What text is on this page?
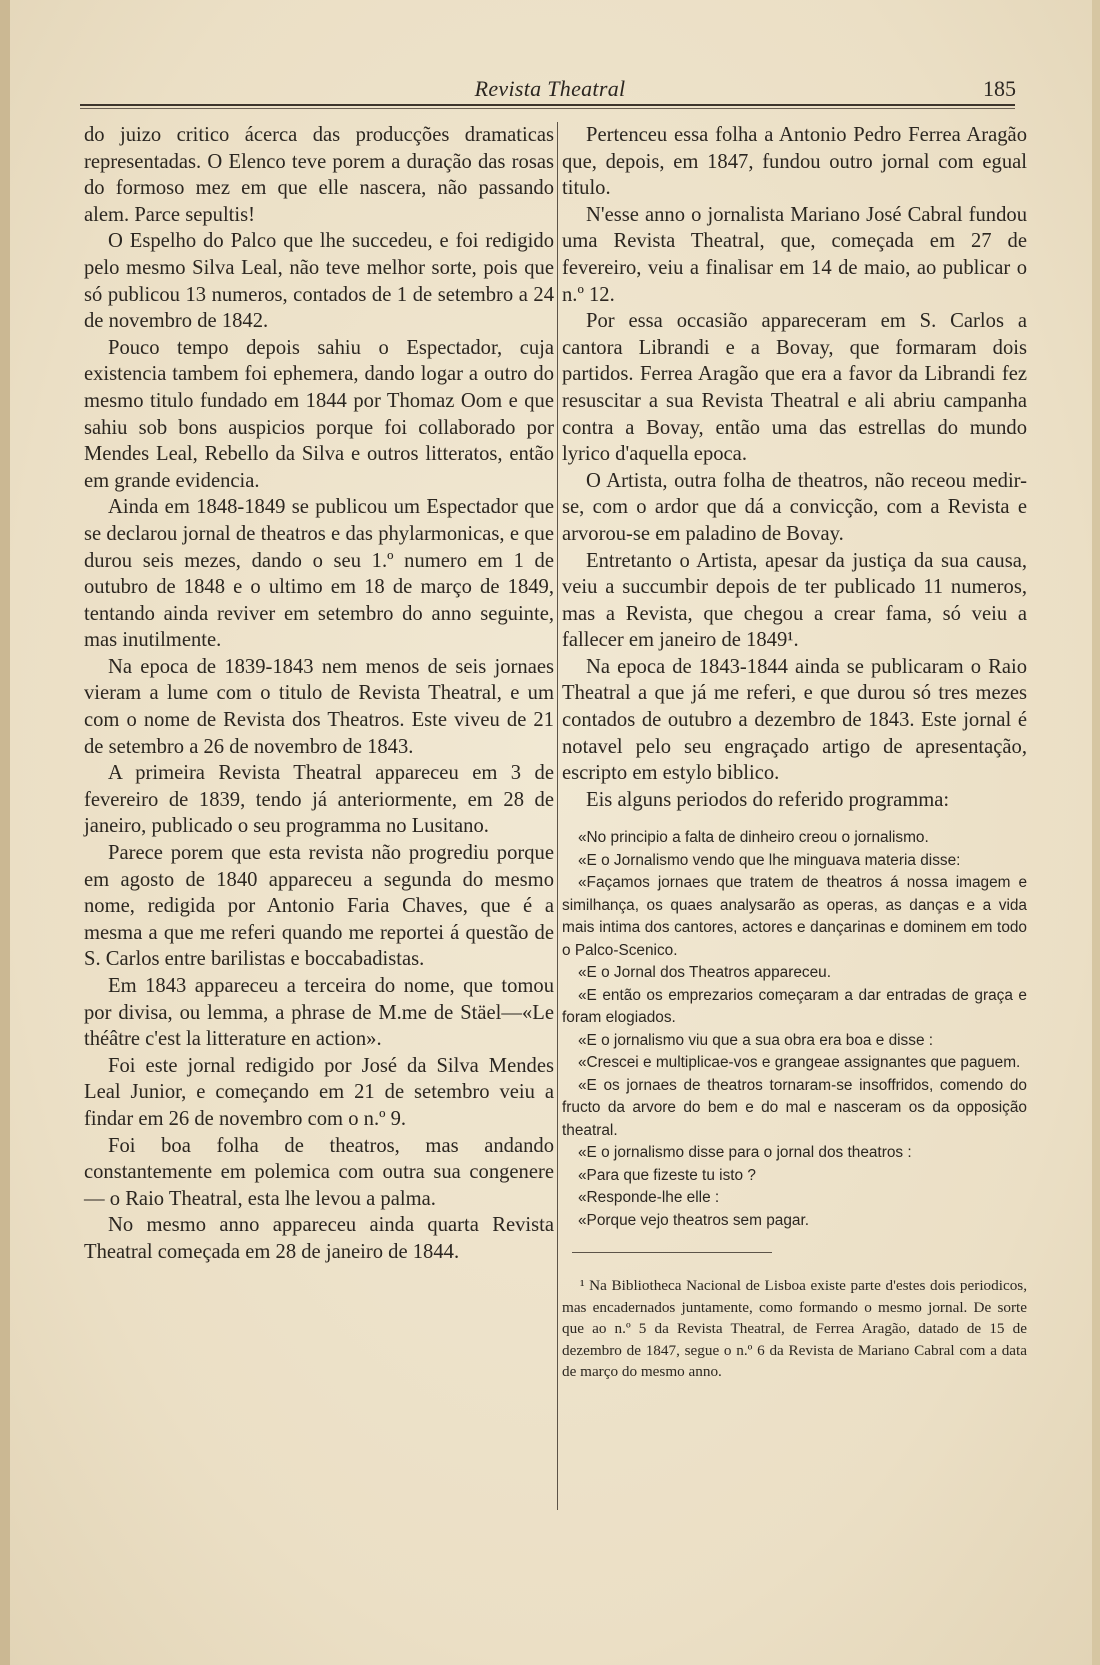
Revista Theatral	185

do juizo critico ácerca das producções dramaticas representadas. O Elenco teve porem a duração das rosas do formoso mez em que elle nascera, não passando alem. Parce sepultis!

O Espelho do Palco que lhe succedeu, e foi redigido pelo mesmo Silva Leal, não teve melhor sorte, pois que só publicou 13 numeros, contados de 1 de setembro a 24 de novembro de 1842.

Pouco tempo depois sahiu o Espectador, cuja existencia tambem foi ephemera, dando logar a outro do mesmo titulo fundado em 1844 por Thomaz Oom e que sahiu sob bons auspicios porque foi collaborado por Mendes Leal, Rebello da Silva e outros litteratos, então em grande evidencia.

Ainda em 1848-1849 se publicou um Espectador que se declarou jornal de theatros e das phylarmonicas, e que durou seis mezes, dando o seu 1.º numero em 1 de outubro de 1848 e o ultimo em 18 de março de 1849, tentando ainda reviver em setembro do anno seguinte, mas inutilmente.

Na epoca de 1839-1843 nem menos de seis jornaes vieram a lume com o titulo de Revista Theatral, e um com o nome de Revista dos Theatros. Este viveu de 21 de setembro a 26 de novembro de 1843.

A primeira Revista Theatral appareceu em 3 de fevereiro de 1839, tendo já anteriormente, em 28 de janeiro, publicado o seu programma no Lusitano.

Parece porem que esta revista não progrediu porque em agosto de 1840 appareceu a segunda do mesmo nome, redigida por Antonio Faria Chaves, que é a mesma a que me referi quando me reportei á questão de S. Carlos entre barilistas e boccabadistas.

Em 1843 appareceu a terceira do nome, que tomou por divisa, ou lemma, a phrase de M.me de Stäel—«Le théâtre c'est la litterature en action».

Foi este jornal redigido por José da Silva Mendes Leal Junior, e começando em 21 de setembro veiu a findar em 26 de novembro com o n.º 9.

Foi boa folha de theatros, mas andando constantemente em polemica com outra sua congenere — o Raio Theatral, esta lhe levou a palma.

No mesmo anno appareceu ainda quarta Revista Theatral começada em 28 de janeiro de 1844.

Pertenceu essa folha a Antonio Pedro Ferrea Aragão que, depois, em 1847, fundou outro jornal com egual titulo.

N'esse anno o jornalista Mariano José Cabral fundou uma Revista Theatral, que, começada em 27 de fevereiro, veiu a finalisar em 14 de maio, ao publicar o n.º 12.

Por essa occasião appareceram em S. Carlos a cantora Librandi e a Bovay, que formaram dois partidos. Ferrea Aragão que era a favor da Librandi fez resuscitar a sua Revista Theatral e ali abriu campanha contra a Bovay, então uma das estrellas do mundo lyrico d'aquella epoca.

O Artista, outra folha de theatros, não receou medir-se, com o ardor que dá a convicção, com a Revista e arvorou-se em paladino de Bovay.

Entretanto o Artista, apesar da justiça da sua causa, veiu a succumbir depois de ter publicado 11 numeros, mas a Revista, que chegou a crear fama, só veiu a fallecer em janeiro de 1849¹.

Na epoca de 1843-1844 ainda se publicaram o Raio Theatral a que já me referi, e que durou só tres mezes contados de outubro a dezembro de 1843. Este jornal é notavel pelo seu engraçado artigo de apresentação, escripto em estylo biblico.

Eis alguns periodos do referido programma:

«No principio a falta de dinheiro creou o jornalismo.

«E o Jornalismo vendo que lhe minguava materia disse:

«Façamos jornaes que tratem de theatros á nossa imagem e similhança, os quaes analysarão as operas, as danças e a vida mais intima dos cantores, actores e dançarinas e dominem em todo o Palco-Scenico.

«E o Jornal dos Theatros appareceu.

«E então os emprezarios começaram a dar entradas de graça e foram elogiados.

«E o jornalismo viu que a sua obra era boa e disse :

«Crescei e multiplicae-vos e grangeae assignantes que paguem.

«E os jornaes de theatros tornaram-se insoffridos, comendo do fructo da arvore do bem e do mal e nasceram os da opposição theatral.

«E o jornalismo disse para o jornal dos theatros :

«Para que fizeste tu isto ?

«Responde-lhe elle :

«Porque vejo theatros sem pagar.

¹ Na Bibliotheca Nacional de Lisboa existe parte d'estes dois periodicos, mas encadernados juntamente, como formando o mesmo jornal. De sorte que ao n.º 5 da Revista Theatral, de Ferrea Aragão, datado de 15 de dezembro de 1847, segue o n.º 6 da Revista de Mariano Cabral com a data de março do mesmo anno.
